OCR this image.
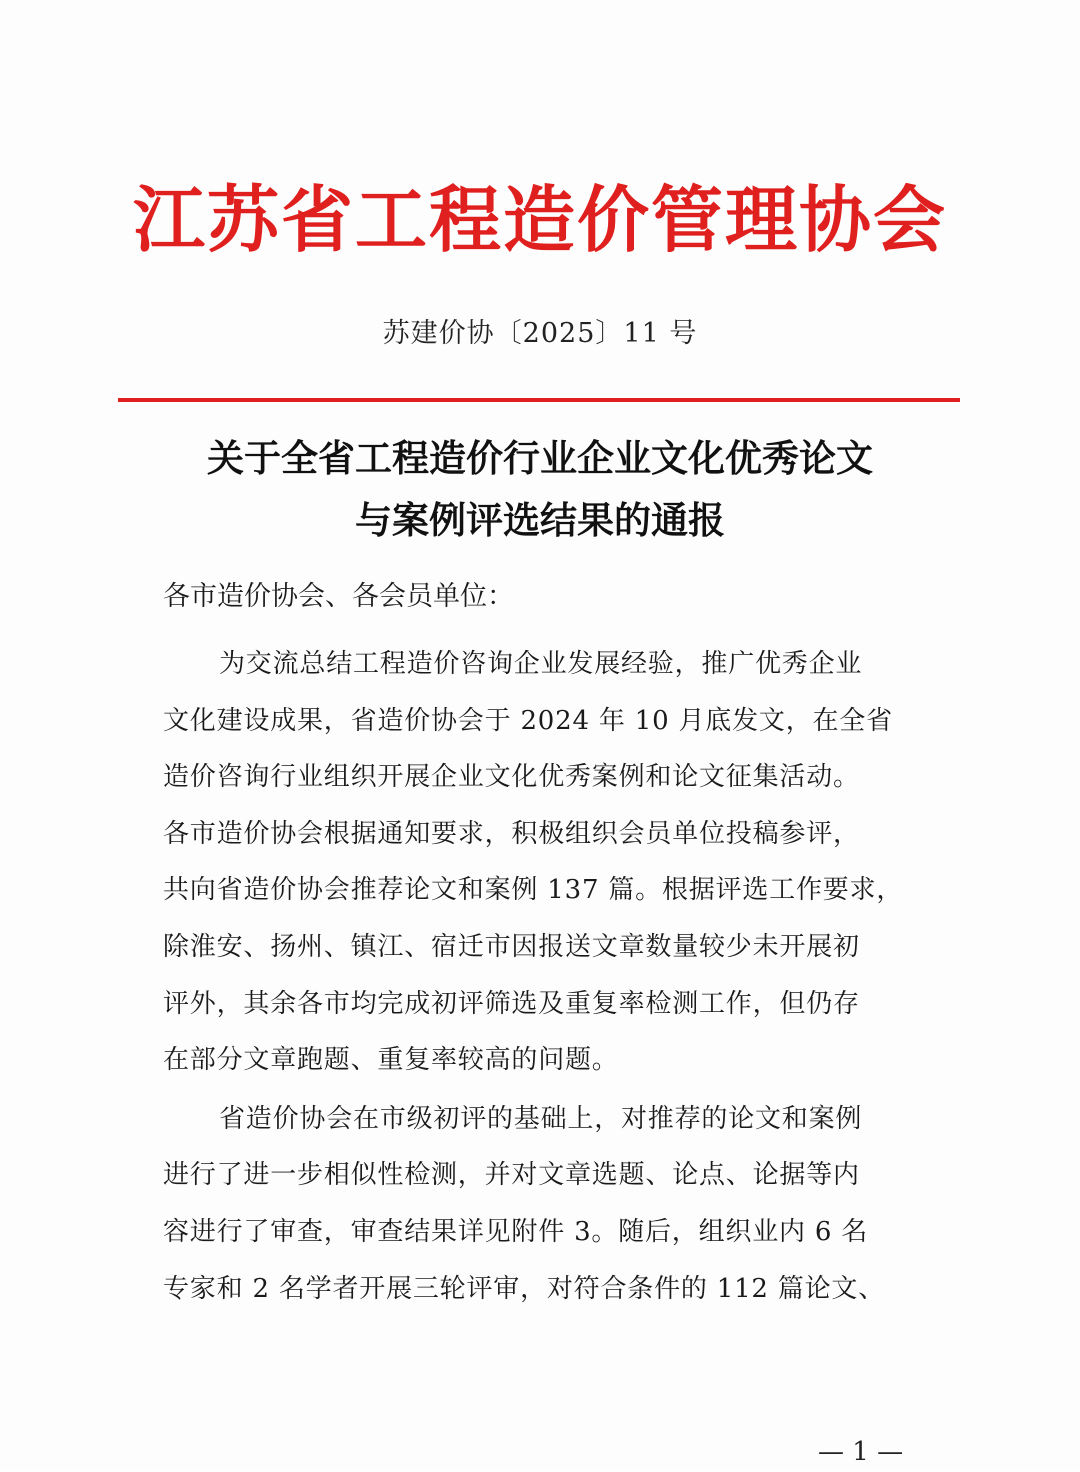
江苏省工程造价管理协会
苏建价协〔2025〕11 号
关于全省工程造价行业企业文化优秀论文
与案例评选结果的通报
各市造价协会、各会员单位：
为交流总结工程造价咨询企业发展经验，推广优秀企业
文化建设成果，省造价协会于 2024 年 10 月底发文，在全省
造价咨询行业组织开展企业文化优秀案例和论文征集活动。
各市造价协会根据通知要求，积极组织会员单位投稿参评，
共向省造价协会推荐论文和案例 137 篇。根据评选工作要求，
除淮安、扬州、镇江、宿迁市因报送文章数量较少未开展初
评外，其余各市均完成初评筛选及重复率检测工作，但仍存
在部分文章跑题、重复率较高的问题。
省造价协会在市级初评的基础上，对推荐的论文和案例
进行了进一步相似性检测，并对文章选题、论点、论据等内
容进行了审查，审查结果详见附件 3。随后，组织业内 6 名
专家和 2 名学者开展三轮评审，对符合条件的 112 篇论文、
— 1 —
